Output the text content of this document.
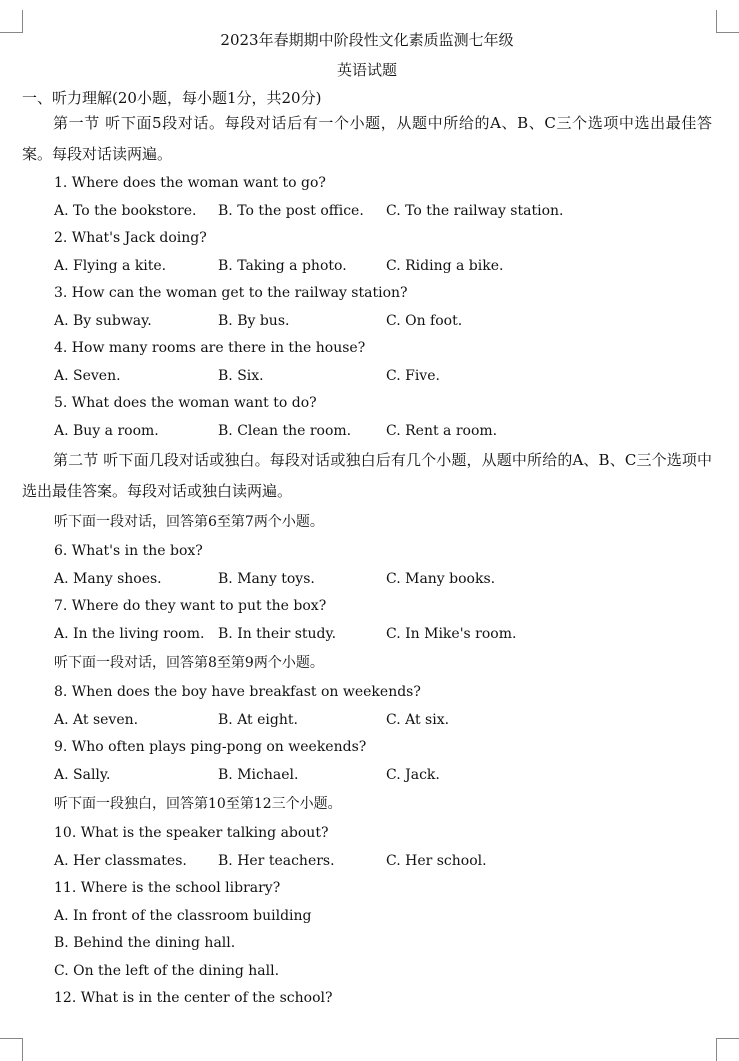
2023年春期期中阶段性文化素质监测七年级
英语试题
一、听力理解(20小题，每小题1分，共20分)
第一节 听下面5段对话。每段对话后有一个小题，从题中所给的A、B、C三个选项中选出最佳答案。每段对话读两遍。
1. Where does the woman want to go?
A. To the bookstore. B. To the post office. C. To the railway station.
2. What's Jack doing?
A. Flying a kite.	B. Taking a photo.	C. Riding a bike.
3. How can the woman get to the railway station?
A. By subway.	B. By bus.	C. On foot.
4. How many rooms are there in the house?
A. Seven.	B. Six.	C. Five.
5. What does the woman want to do?
A. Buy a room.	B. Clean the room. C. Rent a room.
第二节 听下面几段对话或独白。每段对话或独白后有几个小题，从题中所给的A、B、C三个选项中选出最佳答案。每段对话或独白读两遍。
听下面一段对话，回答第6至第7两个小题。
6. What's in the box?
A. Many shoes.	B. Many toys.	C. Many books.
7. Where do they want to put the box?
A. In the living room. B. In their study.	C. In Mike's room.
听下面一段对话，回答第8至第9两个小题。
8. When does the boy have breakfast on weekends?
A. At seven.	B. At eight.	C. At six.
9. Who often plays ping-pong on weekends?
A. Sally.	B. Michael.	C. Jack.
听下面一段独白，回答第10至第12三个小题。
10. What is the speaker talking about?
A. Her classmates. B. Her teachers.	C. Her school.
11. Where is the school library?
A. In front of the classroom building
B. Behind the dining hall.
C. On the left of the dining hall.
12. What is in the center of the school?
